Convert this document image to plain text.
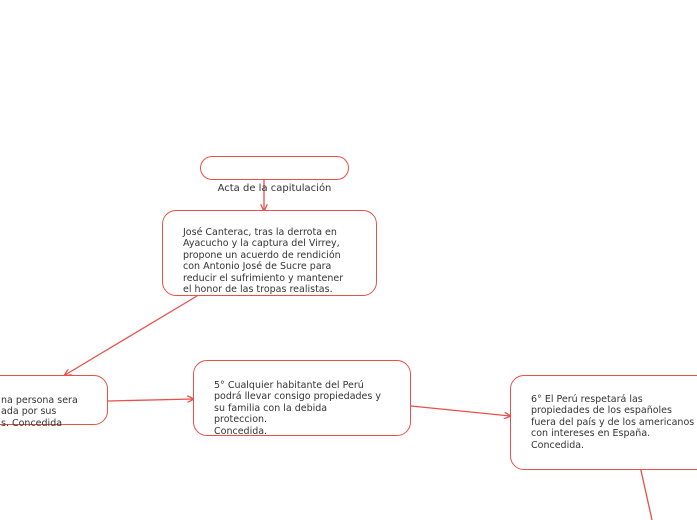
Acta de la capitulación

José Canterac, tras la derrota en
Ayacucho y la captura del Virrey,
propone un acuerdo de rendición
con Antonio José de Sucre para
reducir el sufrimiento y mantener
el honor de las tropas realistas.

na persona sera
ada por sus
s. Concedida

5° Cualquier habitante del Perú
podrá llevar consigo propiedades y
su familia con la debida
proteccion.
Concedida.

6° El Perú respetará las
propiedades de los españoles
fuera del país y de los americanos
con intereses en España.
Concedida.
